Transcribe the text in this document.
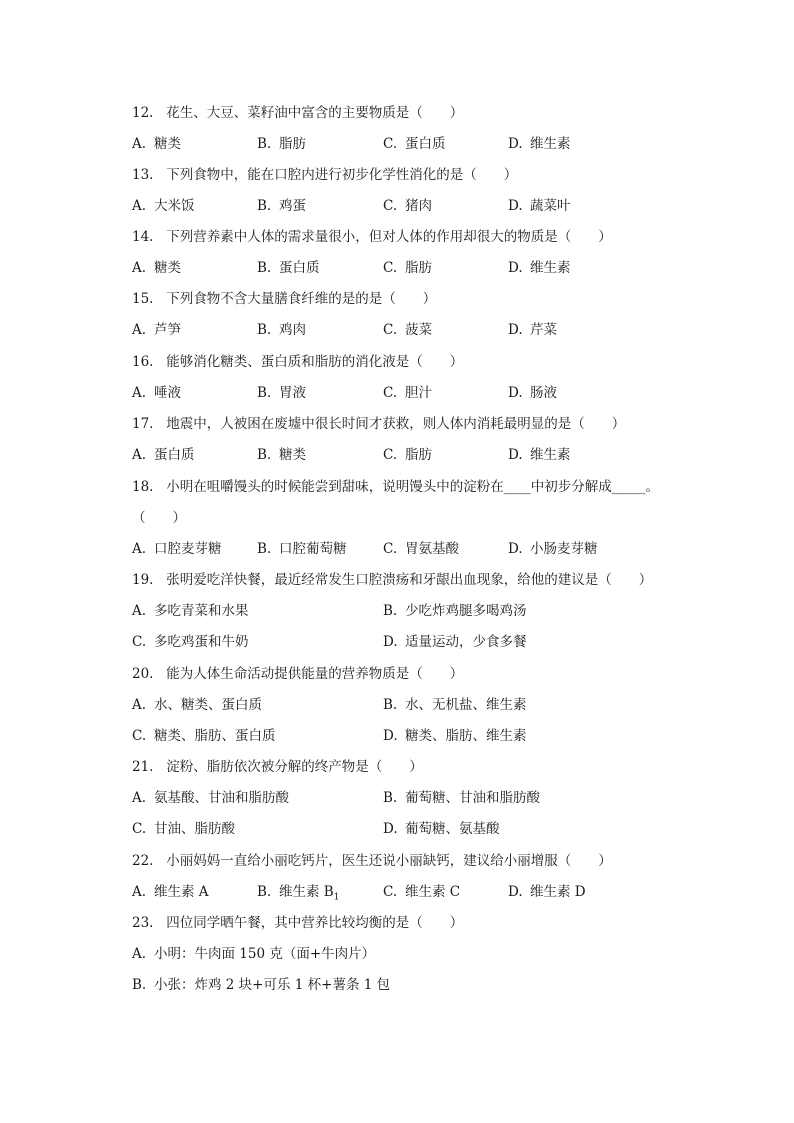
12. 花生、大豆、菜籽油中富含的主要物质是（　　）
A. 糖类	B. 脂肪	C. 蛋白质	D. 维生素
13. 下列食物中，能在口腔内进行初步化学性消化的是（　　）
A. 大米饭	B. 鸡蛋	C. 猪肉	D. 蔬菜叶
14. 下列营养素中人体的需求量很小，但对人体的作用却很大的物质是（　　）
A. 糖类	B. 蛋白质	C. 脂肪	D. 维生素
15. 下列食物不含大量膳食纤维的是的是（　　）
A. 芦笋	B. 鸡肉	C. 菠菜	D. 芹菜
16. 能够消化糖类、蛋白质和脂肪的消化液是（　　）
A. 唾液	B. 胃液	C. 胆汁	D. 肠液
17. 地震中，人被困在废墟中很长时间才获救，则人体内消耗最明显的是（　　）
A. 蛋白质	B. 糖类	C. 脂肪	D. 维生素
18. 小明在咀嚼馒头的时候能尝到甜味，说明馒头中的淀粉在____中初步分解成_____。
（　　）
A. 口腔麦芽糖	B. 口腔葡萄糖	C. 胃氨基酸	D. 小肠麦芽糖
19. 张明爱吃洋快餐，最近经常发生口腔溃疡和牙龈出血现象，给他的建议是（　　）
A. 多吃青菜和水果	B. 少吃炸鸡腿多喝鸡汤
C. 多吃鸡蛋和牛奶	D. 适量运动，少食多餐
20. 能为人体生命活动提供能量的营养物质是（　　）
A. 水、糖类、蛋白质	B. 水、无机盐、维生素
C. 糖类、脂肪、蛋白质	D. 糖类、脂肪、维生素
21. 淀粉、脂肪依次被分解的终产物是（　　）
A. 氨基酸、甘油和脂肪酸	B. 葡萄糖、甘油和脂肪酸
C. 甘油、脂肪酸	D. 葡萄糖、氨基酸
22. 小丽妈妈一直给小丽吃钙片，医生还说小丽缺钙，建议给小丽增服（　　）
A. 维生素 A	B. 维生素 $B_1$	C. 维生素 C	D. 维生素 D
23. 四位同学晒午餐，其中营养比较均衡的是（　　）
A. 小明：牛肉面 150 克（面+牛肉片）
B. 小张：炸鸡 2 块+可乐 1 杯+薯条 1 包
